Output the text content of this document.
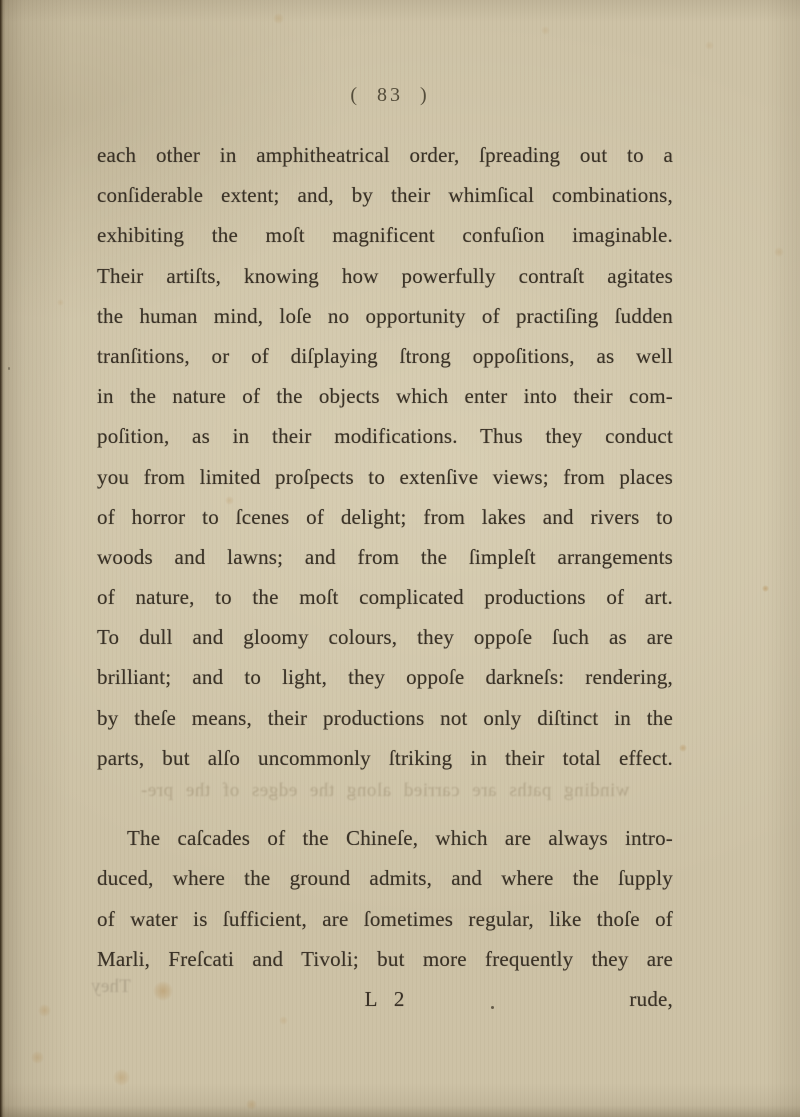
( 83 )
each other in amphitheatrical order, ſpreading out to a
conſiderable extent; and, by their whimſical combinations,
exhibiting the moſt magnificent confuſion imaginable.
Their artiſts, knowing how powerfully contraſt agitates
the human mind, loſe no opportunity of practiſing ſudden
tranſitions, or of diſplaying ſtrong oppoſitions, as well
in the nature of the objects which enter into their com-
poſition, as in their modifications. Thus they conduct
you from limited proſpects to extenſive views; from places
of horror to ſcenes of delight; from lakes and rivers to
woods and lawns; and from the ſimpleſt arrangements
of nature, to the moſt complicated productions of art.
To dull and gloomy colours, they oppoſe ſuch as are
brilliant; and to light, they oppoſe darkneſs: rendering,
by theſe means, their productions not only diſtinct in the
parts, but alſo uncommonly ſtriking in their total effect.
winding paths are carried along the edges of the pre-
The caſcades of the Chineſe, which are always intro-
duced, where the ground admits, and where the ſupply
of water is ſufficient, are ſometimes regular, like thoſe of
Marli, Freſcati and Tivoli; but more frequently they are
They
L 2	rude,
